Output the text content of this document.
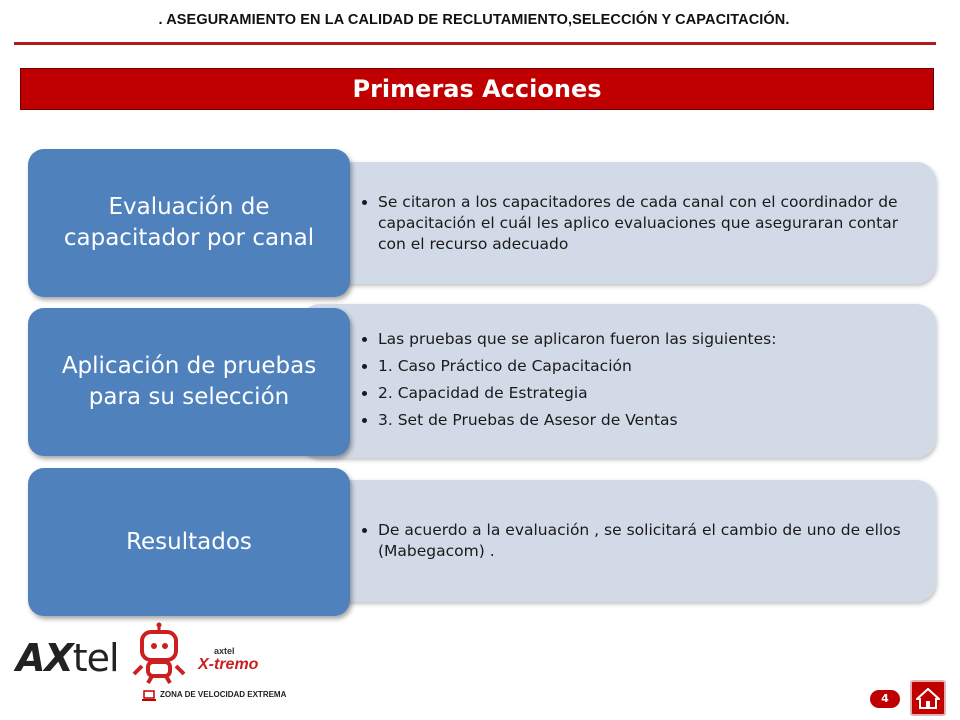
. ASEGURAMIENTO EN LA CALIDAD DE RECLUTAMIENTO,SELECCIÓN Y CAPACITACIÓN.
Primeras Acciones
• Se citaron a los capacitadores de cada canal con el coordinador de capacitación el cuál les aplico evaluaciones que aseguraran contar con el recurso adecuado
Evaluación de capacitador por canal
• Las pruebas que se aplicaron fueron las siguientes:
• 1. Caso Práctico de Capacitación
• 2. Capacidad de Estrategia
• 3. Set de Pruebas de Asesor de Ventas
Aplicación de pruebas para su selección
• De acuerdo a la evaluación , se solicitará el cambio de uno de ellos (Mabegacom) .
Resultados
AXtel	axtel
X-tremo
ZONA DE VELOCIDAD EXTREMA	4
